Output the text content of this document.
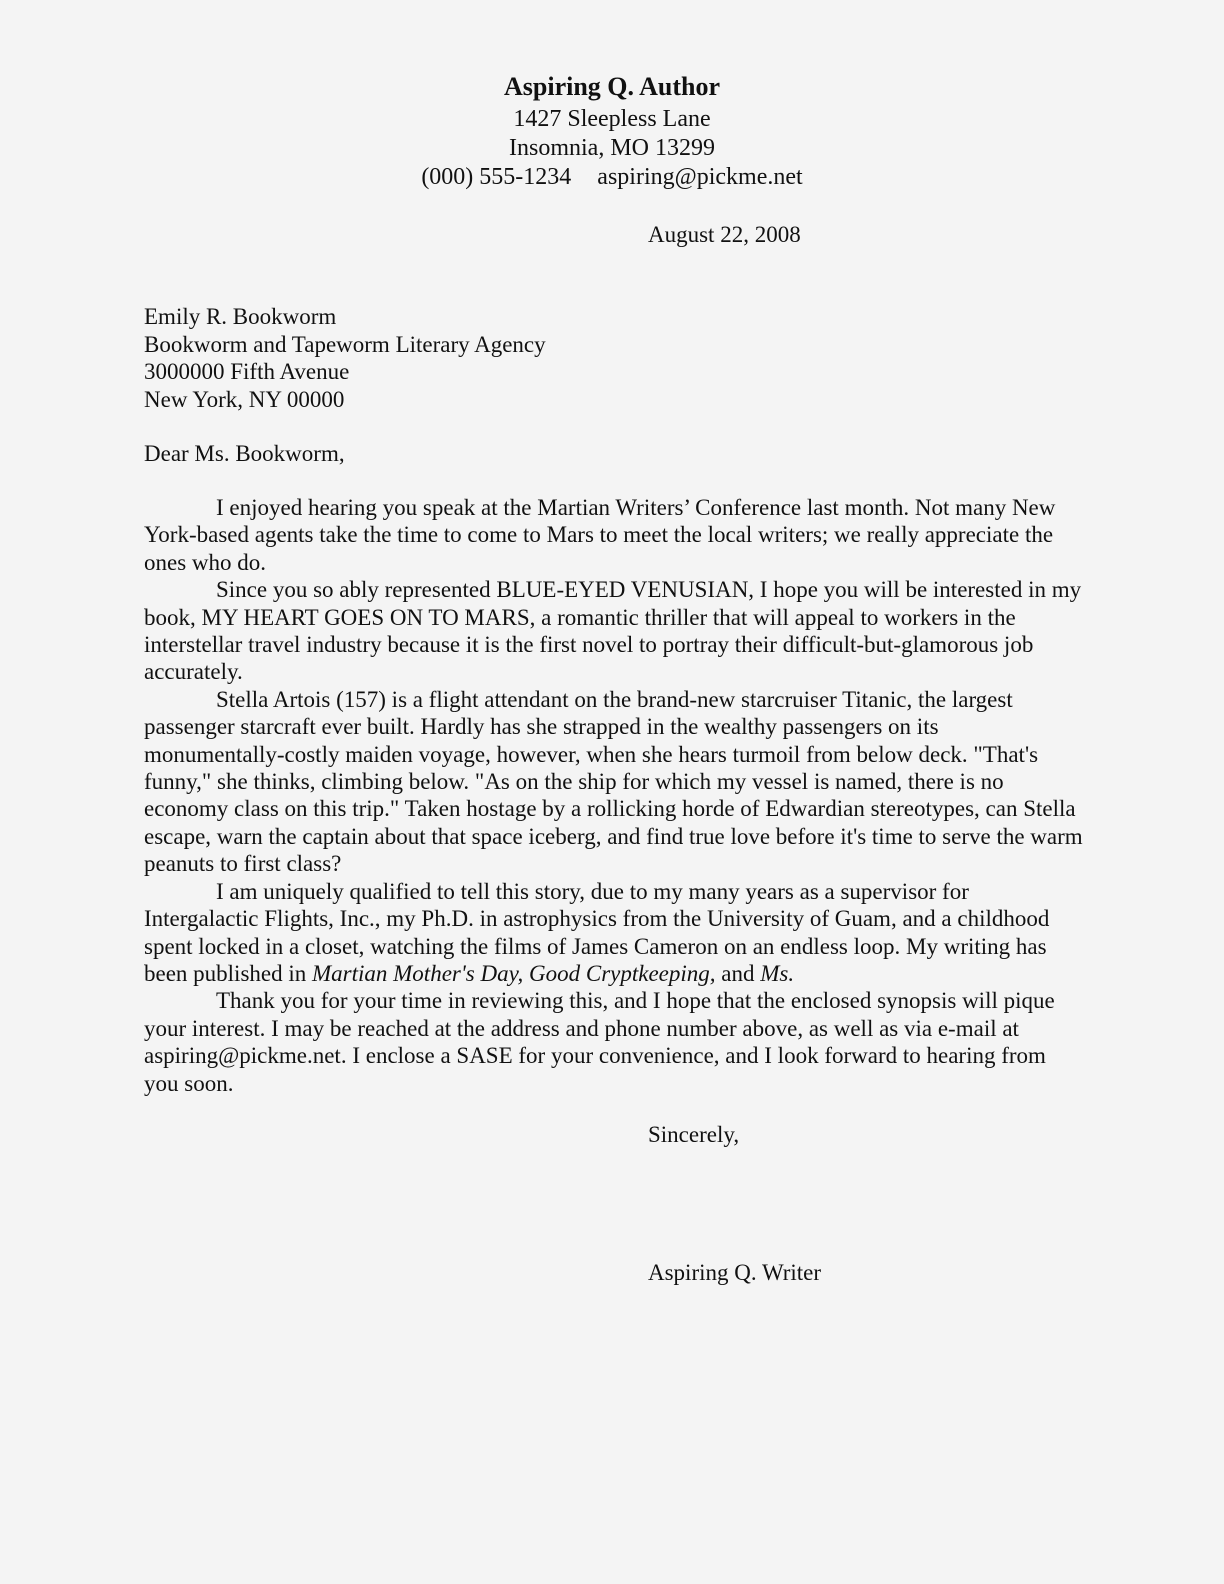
Aspiring Q. Author
1427 Sleepless Lane
Insomnia, MO 13299
(000) 555-1234 aspiring@pickme.net
August 22, 2008
Emily R. Bookworm
Bookworm and Tapeworm Literary Agency
3000000 Fifth Avenue
New York, NY 00000
Dear Ms. Bookworm,

I enjoyed hearing you speak at the Martian Writers’ Conference last month. Not many New York-based agents take the time to come to Mars to meet the local writers; we really appreciate the ones who do.

Since you so ably represented BLUE-EYED VENUSIAN, I hope you will be interested in my book, MY HEART GOES ON TO MARS, a romantic thriller that will appeal to workers in the interstellar travel industry because it is the first novel to portray their difficult-but-glamorous job accurately.

Stella Artois (157) is a flight attendant on the brand-new starcruiser Titanic, the largest passenger starcraft ever built. Hardly has she strapped in the wealthy passengers on its monumentally-costly maiden voyage, however, when she hears turmoil from below deck. "That's funny," she thinks, climbing below. "As on the ship for which my vessel is named, there is no economy class on this trip." Taken hostage by a rollicking horde of Edwardian stereotypes, can Stella escape, warn the captain about that space iceberg, and find true love before it's time to serve the warm peanuts to first class?

I am uniquely qualified to tell this story, due to my many years as a supervisor for Intergalactic Flights, Inc., my Ph.D. in astrophysics from the University of Guam, and a childhood spent locked in a closet, watching the films of James Cameron on an endless loop. My writing has been published in Martian Mother's Day, Good Cryptkeeping, and Ms.

Thank you for your time in reviewing this, and I hope that the enclosed synopsis will pique your interest. I may be reached at the address and phone number above, as well as via e-mail at aspiring@pickme.net. I enclose a SASE for your convenience, and I look forward to hearing from you soon.

Sincerely,
Aspiring Q. Writer
